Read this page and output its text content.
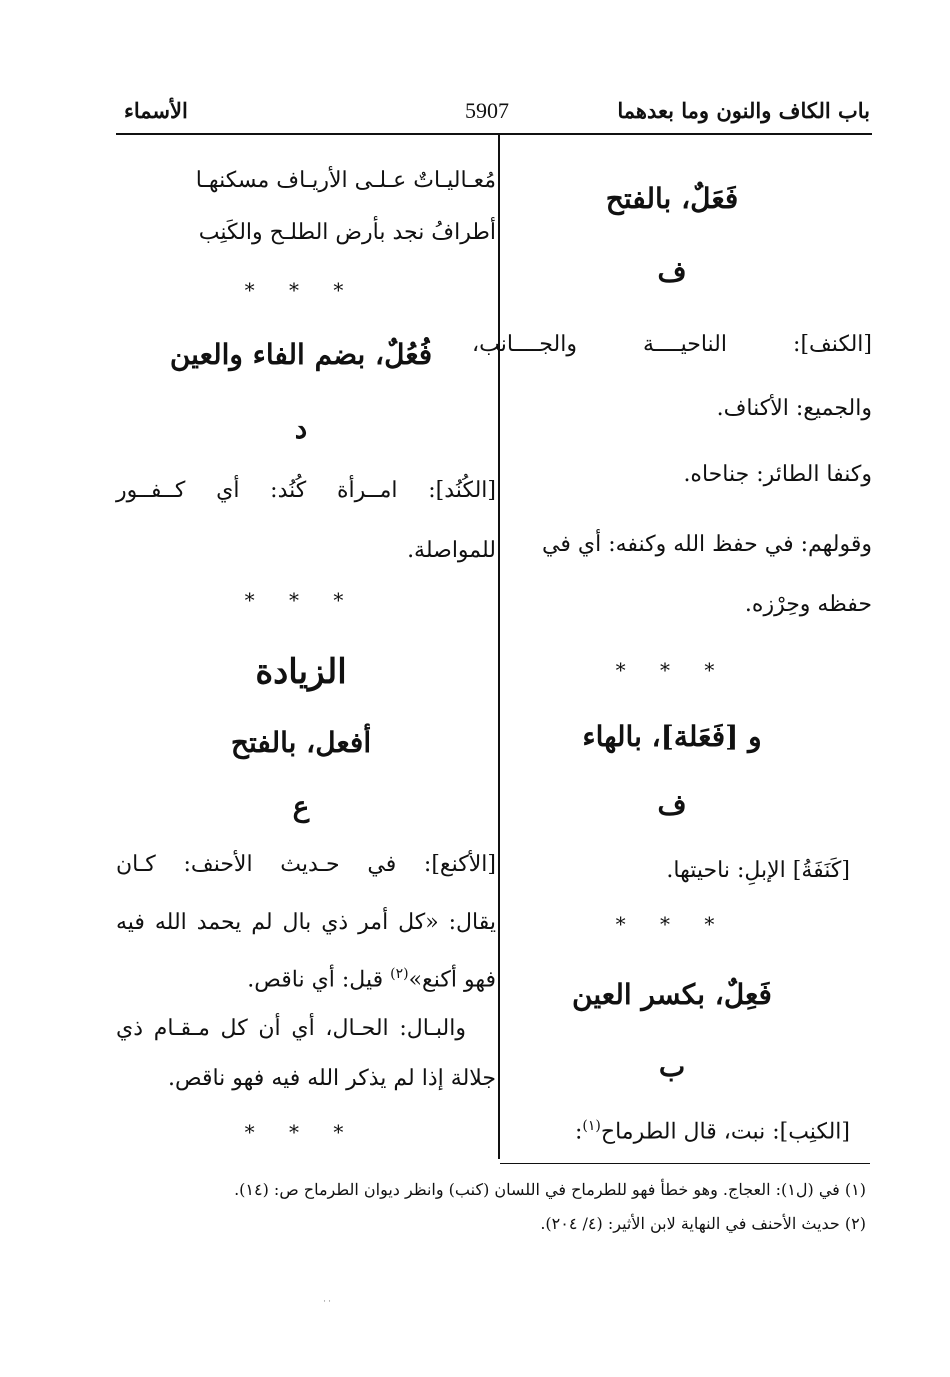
باب الكاف والنون وما بعدهما
5907
الأسماء
فَعَلٌ، بالفتح
ف
[الكنف]: الناحيــــة والجــــانب،
والجميع: الأكناف.
وكنفا الطائر: جناحاه.
وقولهم: في حفظ الله وكنفه: أي في
حفظه وحِرْزه.
* * *
و [فَعَلة]، بالهاء
ف
[كَنَفَةُ] الإبلِ: ناحيتها.
* * *
فَعِلٌ، بكسر العين
ب
[الكنِب]: نبت، قال الطرماح$^{(١)}$:
مُعـاليـاتٌ عـلـى الأريـاف مسكنهـا
أطرافُ نجد بأرض الطلـح والكَنِب
* * *
فُعُلٌ، بضم الفاء والعين
د
[الكُنُد]: امــرأة كُنُد: أي كــفــور
للمواصلة.
* * *
الزيادة
أفعل، بالفتح
ع
[الأكنع]: في حـديث الأحنف: كـان
يقال: «كل أمر ذي بال لم يحمد الله فيه
فهو أكنع»$^{(٢)}$ قيل: أي ناقص.
والبـال: الحـال، أي أن كل مـقـام ذي
جلالة إذا لم يذكر الله فيه فهو ناقص.
* * *
(١) في (ل١): العجاج. وهو خطأ فهو للطرماح في اللسان (كنب) وانظر ديوان الطرماح ص: (١٤).
(٢) حديث الأحنف في النهاية لابن الأثير: (٤/ ٢٠٤).
˙˙
